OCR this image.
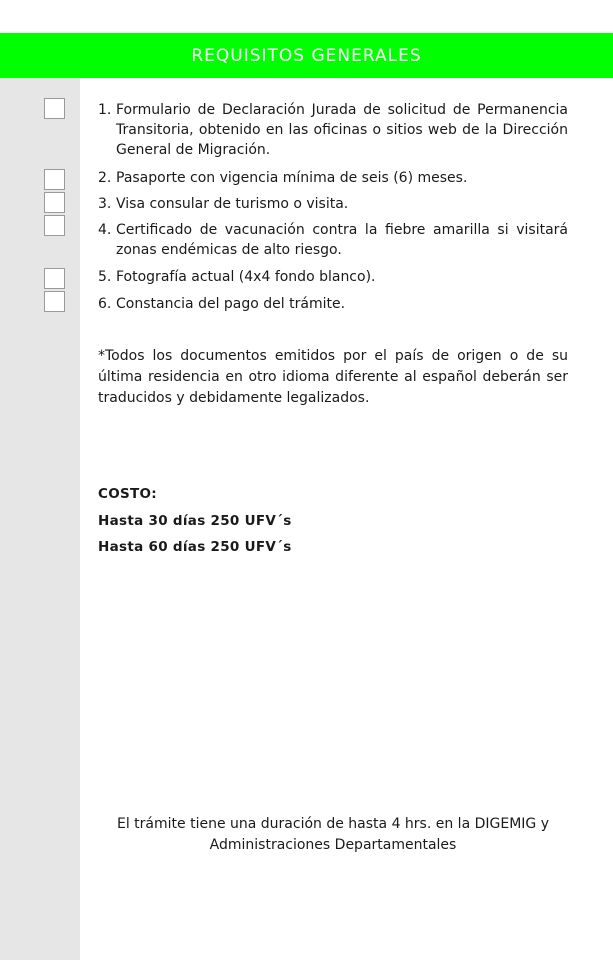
REQUISITOS GENERALES
1. Formulario de Declaración Jurada de solicitud de Permanencia Transitoria, obtenido en las oficinas o sitios web de la Dirección General de Migración.
2. Pasaporte con vigencia mínima de seis (6) meses.
3. Visa consular de turismo o visita.
4. Certificado de vacunación contra la fiebre amarilla si visitará zonas endémicas de alto riesgo.
5. Fotografía actual (4x4 fondo blanco).
6. Constancia del pago del trámite.
*Todos los documentos emitidos por el país de origen o de su última residencia en otro idioma diferente al español deberán ser traducidos y debidamente legalizados.
COSTO:
Hasta 30 días 250 UFV´s
Hasta 60 días 250 UFV´s
El trámite tiene una duración de hasta 4 hrs. en la DIGEMIG y Administraciones Departamentales
